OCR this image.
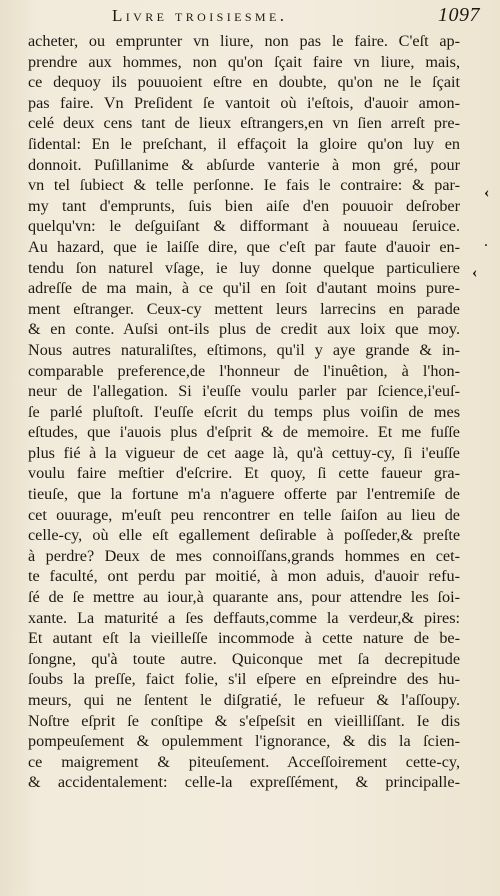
Livre troisiesme.	1097
‹
·
‹
acheter, ou emprunter vn liure, non pas le faire. C'eſt ap-
prendre aux hommes, non qu'on ſçait faire vn liure, mais,
ce dequoy ils pouuoient eſtre en doubte, qu'on ne le ſçait
pas faire. Vn Preſident ſe vantoit où i'eſtois, d'auoir amon-
celé deux cens tant de lieux eſtrangers,en vn ſien arreſt pre-
ſidental: En le preſchant, il effaçoit la gloire qu'on luy en
donnoit. Puſillanime & abſurde vanterie à mon gré, pour
vn tel ſubiect & telle perſonne. Ie fais le contraire: & par-
my tant d'emprunts, ſuis bien aiſe d'en pouuoir deſrober
quelqu'vn: le deſguiſant & difformant à nouueau ſeruice.
Au hazard, que ie laiſſe dire, que c'eſt par faute d'auoir en-
tendu ſon naturel vſage, ie luy donne quelque particuliere
adreſſe de ma main, à ce qu'il en ſoit d'autant moins pure-
ment eſtranger. Ceux-cy mettent leurs larrecins en parade
& en conte. Auſsi ont-ils plus de credit aux loix que moy.
Nous autres naturaliſtes, eſtimons, qu'il y aye grande & in-
comparable preference,de l'honneur de l'inuêtion, à l'hon-
neur de l'allegation. Si i'euſſe voulu parler par ſcience,i'euſ-
ſe parlé pluſtoſt. I'euſſe eſcrit du temps plus voiſin de mes
eſtudes, que i'auois plus d'eſprit & de memoire. Et me fuſſe
plus fié à la vigueur de cet aage là, qu'à cettuy-cy, ſi i'euſſe
voulu faire meſtier d'eſcrire. Et quoy, ſi cette faueur gra-
tieuſe, que la fortune m'a n'aguere offerte par l'entremiſe de
cet ouurage, m'euſt peu rencontrer en telle ſaiſon au lieu de
celle-cy, où elle eſt egallement deſirable à poſſeder,& preſte
à perdre? Deux de mes connoiſſans,grands hommes en cet-
te faculté, ont perdu par moitié, à mon aduis, d'auoir refu-
ſé de ſe mettre au iour,à quarante ans, pour attendre les ſoi-
xante. La maturité a ſes deffauts,comme la verdeur,& pires:
Et autant eſt la vieilleſſe incommode à cette nature de be-
ſongne, qu'à toute autre. Quiconque met ſa decrepitude
ſoubs la preſſe, faict folie, s'il eſpere en eſpreindre des hu-
meurs, qui ne ſentent le diſgratié, le refueur & l'aſſoupy.
Noſtre eſprit ſe conſtipe & s'eſpeſsit en vieilliſſant. Ie dis
pompeuſement & opulemment l'ignorance, & dis la ſcien-
ce maigrement & piteuſement. Acceſſoirement cette-cy,
& accidentalement: celle-la expreſſément, & principalle-
